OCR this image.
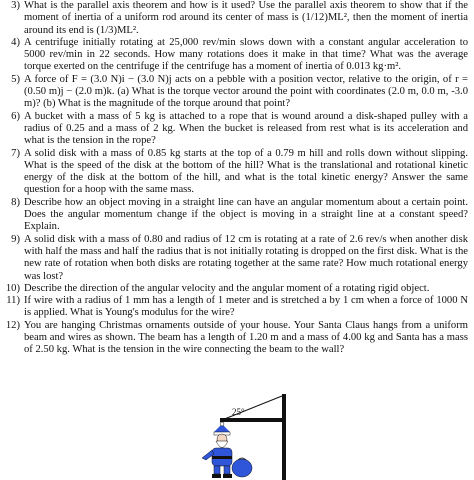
3) What is the parallel axis theorem and how is it used? Use the parallel axis theorem to show that if the moment of inertia of a uniform rod around its center of mass is (1/12)ML², then the moment of inertia around its end is (1/3)ML².
4) A centrifuge initially rotating at 25,000 rev/min slows down with a constant angular acceleration to 5000 rev/min in 22 seconds. How many rotations does it make in that time? What was the average torque exerted on the centrifuge if the centrifuge has a moment of inertia of 0.013 kg·m².
5) A force of F = (3.0 N)i − (3.0 N)j acts on a pebble with a position vector, relative to the origin, of r = (0.50 m)j − (2.0 m)k. (a) What is the torque vector around the point with coordinates (2.0 m, 0.0 m, -3.0 m)? (b) What is the magnitude of the torque around that point?
6) A bucket with a mass of 5 kg is attached to a rope that is wound around a disk-shaped pulley with a radius of 0.25 and a mass of 2 kg. When the bucket is released from rest what is its acceleration and what is the tension in the rope?
7) A solid disk with a mass of 0.85 kg starts at the top of a 0.79 m hill and rolls down without slipping. What is the speed of the disk at the bottom of the hill? What is the translational and rotational kinetic energy of the disk at the bottom of the hill, and what is the total kinetic energy? Answer the same question for a hoop with the same mass.
8) Describe how an object moving in a straight line can have an angular momentum about a certain point. Does the angular momentum change if the object is moving in a straight line at a constant speed? Explain.
9) A solid disk with a mass of 0.80 and radius of 12 cm is rotating at a rate of 2.6 rev/s when another disk with half the mass and half the radius that is not initially rotating is dropped on the first disk. What is the new rate of rotation when both disks are rotating together at the same rate? How much rotational energy was lost?
10) Describe the direction of the angular velocity and the angular moment of a rotating rigid object.
11) If wire with a radius of 1 mm has a length of 1 meter and is stretched a by 1 cm when a force of 1000 N is applied. What is Young's modulus for the wire?
12) You are hanging Christmas ornaments outside of your house. Your Santa Claus hangs from a uniform beam and wires as shown. The beam has a length of 1.20 m and a mass of 4.00 kg and Santa has a mass of 2.50 kg. What is the tension in the wire connecting the beam to the wall?
25°
